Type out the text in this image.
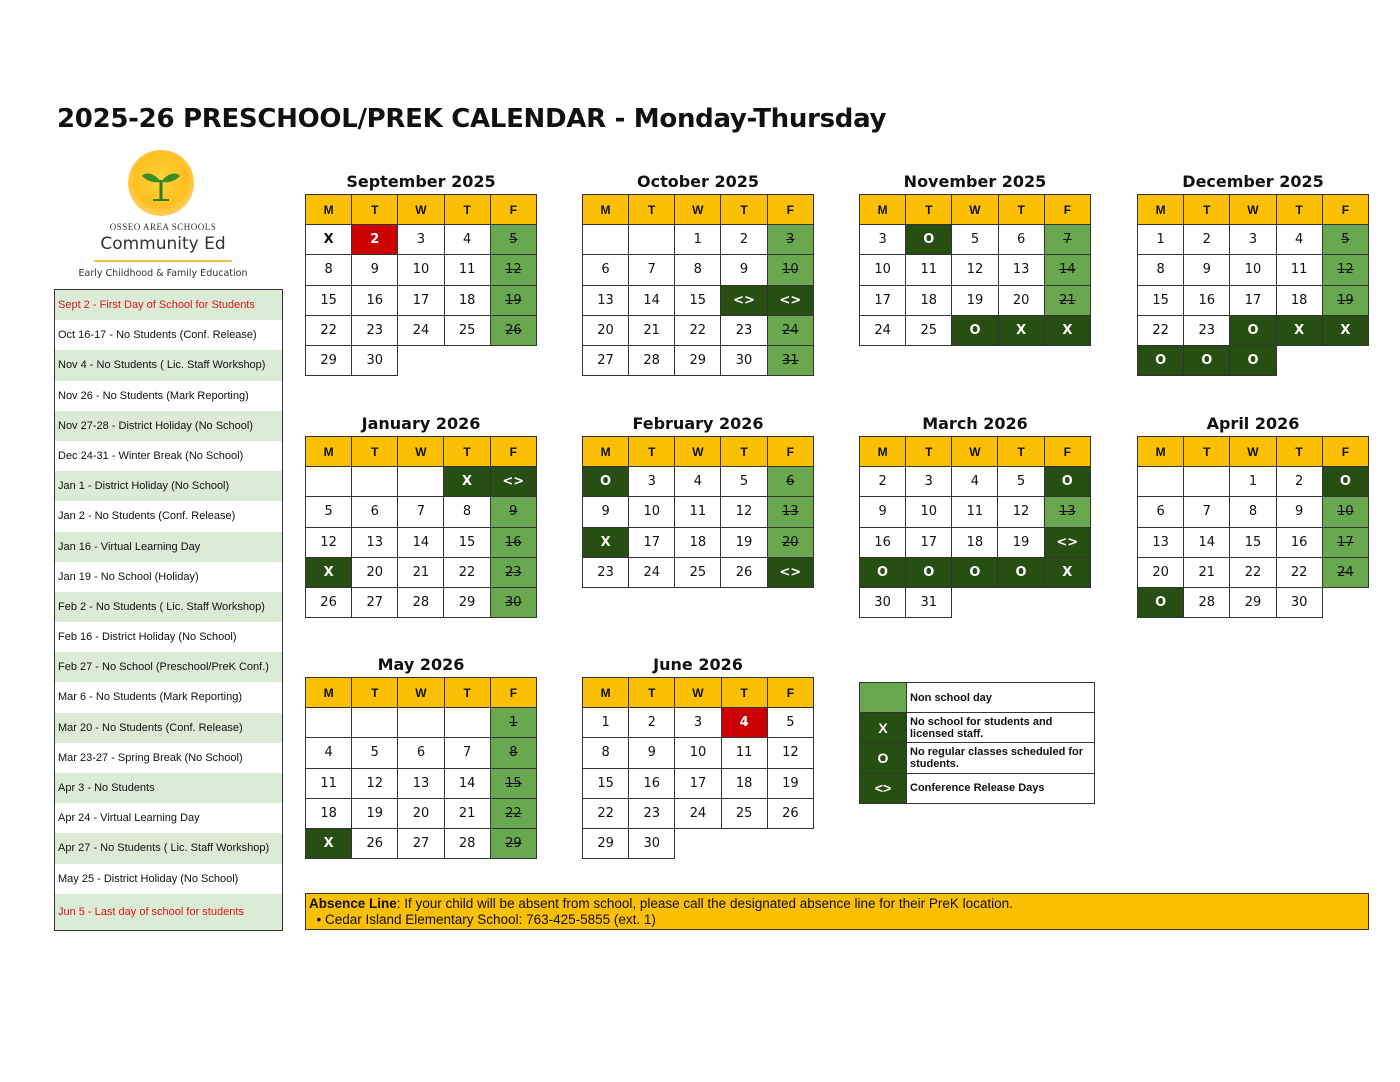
2025-26 PRESCHOOL/PREK CALENDAR - Monday-Thursday
OSSEO AREA SCHOOLS
Community Ed
Early Childhood & Family Education
Sept 2 - First Day of School for Students
Oct 16-17 - No Students (Conf. Release)
Nov 4 - No Students ( Lic. Staff Workshop)
Nov 26 - No Students (Mark Reporting)
Nov 27-28 - District Holiday (No School)
Dec 24-31 - Winter Break (No School)
Jan 1 - District Holiday (No School)
Jan 2 - No Students (Conf. Release)
Jan 16 - Virtual Learning Day
Jan 19 - No School (Holiday)
Feb 2 - No Students ( Lic. Staff Workshop)
Feb 16 - District Holiday (No School)
Feb 27 - No School (Preschool/PreK Conf.)
Mar 6 - No Students (Mark Reporting)
Mar 20 - No Students (Conf. Release)
Mar 23-27 - Spring Break (No School)
Apr 3 - No Students
Apr 24 - Virtual Learning Day
Apr 27 - No Students ( Lic. Staff Workshop)
May 25 - District Holiday (No School)
Jun 5 - Last day of school for students
September 2025
M	T	W	T	F
X	2	3	4	5
8	9	10	11	12
15	16	17	18	19
22	23	24	25	26
29	30			
October 2025
M	T	W	T	F
		1	2	3
6	7	8	9	10
13	14	15	<>	<>
20	21	22	23	24
27	28	29	30	31
November 2025
M	T	W	T	F
3	O	5	6	7
10	11	12	13	14
17	18	19	20	21
24	25	O	X	X
December 2025
M	T	W	T	F
1	2	3	4	5
8	9	10	11	12
15	16	17	18	19
22	23	O	X	X
O	O	O		
January 2026
M	T	W	T	F
			X	<>
5	6	7	8	9
12	13	14	15	16
X	20	21	22	23
26	27	28	29	30
February 2026
M	T	W	T	F
O	3	4	5	6
9	10	11	12	13
X	17	18	19	20
23	24	25	26	<>
March 2026
M	T	W	T	F
2	3	4	5	O
9	10	11	12	13
16	17	18	19	<>
O	O	O	O	X
30	31			
April 2026
M	T	W	T	F
		1	2	O
6	7	8	9	10
13	14	15	16	17
20	21	22	22	24
O	28	29	30	
May 2026
M	T	W	T	F
				1
4	5	6	7	8
11	12	13	14	15
18	19	20	21	22
X	26	27	28	29
June 2026
M	T	W	T	F
1	2	3	4	5
8	9	10	11	12
15	16	17	18	19
22	23	24	25	26
29	30			
	Non school day
X	No school for students and licensed staff.
O	No regular classes scheduled for students.
<>	Conference Release Days
Absence Line: If your child will be absent from school, please call the designated absence line for their PreK location.
• Cedar Island Elementary School: 763-425-5855 (ext. 1)
